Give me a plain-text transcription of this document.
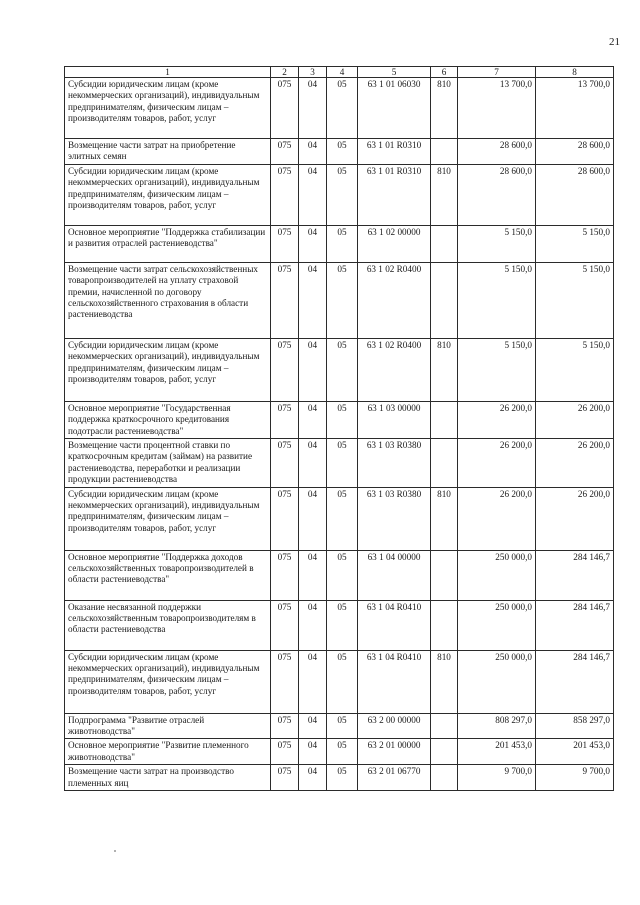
21
1	2	3	4	5	6	7	8
Субсидии юридическим лицам (кроме некоммерческих организаций), индивидуальным предпринимателям, физическим лицам – производителям товаров, работ, услуг	075	04	05	63 1 01 06030	810	13 700,0	13 700,0
Возмещение части затрат на приобретение элитных семян	075	04	05	63 1 01 R0310		28 600,0	28 600,0
Субсидии юридическим лицам (кроме некоммерческих организаций), индивидуальным предпринимателям, физическим лицам – производителям товаров, работ, услуг	075	04	05	63 1 01 R0310	810	28 600,0	28 600,0
Основное мероприятие "Поддержка стабилизации и развития отраслей растениеводства"	075	04	05	63 1 02 00000		5 150,0	5 150,0
Возмещение части затрат сельскохозяйственных товаропроизводителей на уплату страховой премии, начисленной по договору сельскохозяйственного страхования в области растениеводства	075	04	05	63 1 02 R0400		5 150,0	5 150,0
Субсидии юридическим лицам (кроме некоммерческих организаций), индивидуальным предпринимателям, физическим лицам – производителям товаров, работ, услуг	075	04	05	63 1 02 R0400	810	5 150,0	5 150,0
Основное мероприятие "Государственная поддержка краткосрочного кредитования подотрасли растениеводства"	075	04	05	63 1 03 00000		26 200,0	26 200,0
Возмещение части процентной ставки по краткосрочным кредитам (займам) на развитие растениеводства, переработки и реализации продукции растениеводства	075	04	05	63 1 03 R0380		26 200,0	26 200,0
Субсидии юридическим лицам (кроме некоммерческих организаций), индивидуальным предпринимателям, физическим лицам – производителям товаров, работ, услуг	075	04	05	63 1 03 R0380	810	26 200,0	26 200,0
Основное мероприятие "Поддержка доходов сельскохозяйственных товаропроизводителей в области растениеводства"	075	04	05	63 1 04 00000		250 000,0	284 146,7
Оказание несвязанной поддержки сельскохозяйственным товаропроизводителям в области растениеводства	075	04	05	63 1 04 R0410		250 000,0	284 146,7
Субсидии юридическим лицам (кроме некоммерческих организаций), индивидуальным предпринимателям, физическим лицам – производителям товаров, работ, услуг	075	04	05	63 1 04 R0410	810	250 000,0	284 146,7
Подпрограмма "Развитие отраслей животноводства"	075	04	05	63 2 00 00000		808 297,0	858 297,0
Основное мероприятие "Развитие племенного животноводства"	075	04	05	63 2 01 00000		201 453,0	201 453,0
Возмещение части затрат на производство племенных яиц	075	04	05	63 2 01 06770		9 700,0	9 700,0
